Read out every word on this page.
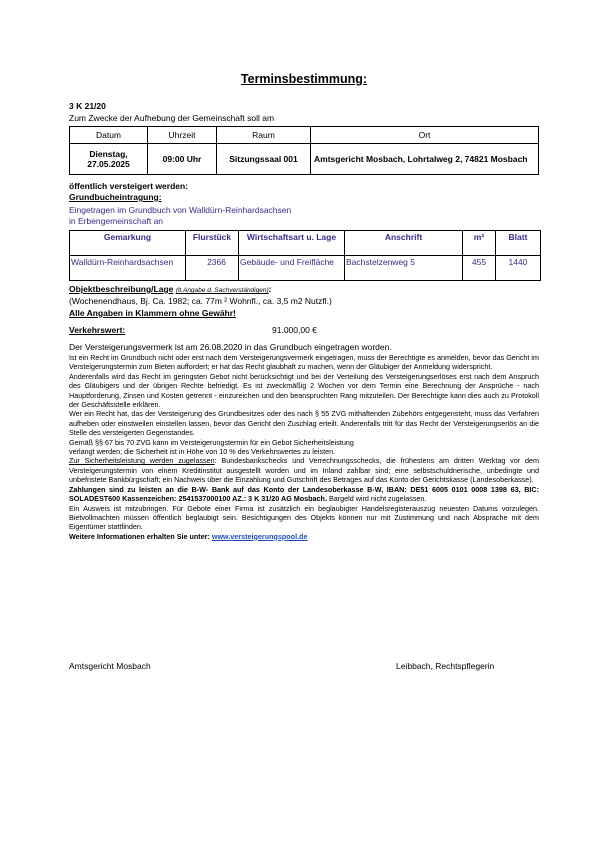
Terminsbestimmung:
3 K 21/20
Zum Zwecke der Aufhebung der Gemeinschaft soll am
Datum	Uhrzeit	Raum	Ort
Dienstag, 27.05.2025	09:00 Uhr	Sitzungssaal 001	Amtsgericht Mosbach, Lohrtalweg 2, 74821 Mosbach
öffentlich versteigert werden:
Grundbucheintragung:
Eingetragen im Grundbuch von Walldürn-Reinhardsachsen
in Erbengemeinschaft an
Gemarkung	Flurstück	Wirtschaftsart u. Lage	Anschrift	m²	Blatt
Walldürn-Reinhardsachsen	2366	Gebäude- und Freifläche	Bachstelzenweg 5	455	1440
Objektbeschreibung/Lage (lt.Angabe d. Sachverständigen):
(Wochenendhaus, Bj. Ca. 1982; ca. 77m ² Wohnfl., ca. 3,5 m2 Nutzfl.)
Alle Angaben in Klammern ohne Gewähr!
Verkehrswert:	91.000,00 €
Der Versteigerungsvermerk ist am 26.08.2020 in das Grundbuch eingetragen worden.

Ist ein Recht im Grundbuch nicht oder erst nach dem Versteigerungsvermerk eingetragen, muss der Berechtigte es anmelden, bevor das Gericht im Versteigerungstermin zum Bieten auffordert; er hat das Recht glaubhaft zu machen, wenn der Gläubiger der Anmeldung widerspricht.

Anderenfalls wird das Recht im geringsten Gebot nicht berücksichtigt und bei der Verteilung des Versteigerungserlöses erst nach dem Anspruch des Gläubigers und der übrigen Rechte befriedigt. Es ist zweckmäßig 2 Wochen vor dem Termin eine Berechnung der Ansprüche - nach Hauptforderung, Zinsen und Kosten getrennt - einzureichen und den beanspruchten Rang mitzuteilen. Der Berechtigte kann dies auch zu Protokoll der Geschäftsstelle erklären.

Wer ein Recht hat, das der Versteigerung des Grundbesitzes oder des nach § 55 ZVG mithaftenden Zubehörs entgegensteht, muss das Verfahren aufheben oder einstweilen einstellen lassen, bevor das Gericht den Zuschlag erteilt. Anderenfalls tritt für das Recht der Versteigerungserlös an die Stelle des versteigerten Gegenstandes.

Gemäß §§ 67 bis 70 ZVG kann im Versteigerungstermin für ein Gebot Sicherheitsleistung

verlangt werden; die Sicherheit ist in Höhe von 10 % des Verkehrswertes zu leisten.

Zur Sicherheitsleistung werden zugelassen: Bundesbankschecks und Verrechnungsschecks, die frühestens am dritten Werktag vor dem Versteigerungstermin von einem Kreditinstitut ausgestellt worden und im Inland zahlbar sind; eine selbstschuldnerische, unbedingte und unbefristete Bankbürgschaft; ein Nachweis über die Einzahlung und Gutschrift des Betrages auf das Konto der Gerichtskasse (Landesoberkasse).

Zahlungen sind zu leisten an die B-W- Bank auf das Konto der Landesoberkasse B-W, IBAN: DE51 6005 0101 0008 1398 63, BIC: SOLADEST600 Kassenzeichen: 2541537000100 AZ.: 3 K 31/20 AG Mosbach. Bargeld wird nicht zugelassen.

Ein Ausweis ist mitzubringen. Für Gebote einer Firma ist zusätzlich ein beglaubigter Handelsregisterauszug neuesten Datums vorzulegen. Bietvollmachten müssen öffentlich beglaubigt sein. Besichtigungen des Objekts können nur mit Zustimmung und nach Absprache mit dem Eigentümer stattfinden.

Weitere Informationen erhalten Sie unter: www.versteigerungspool.de

Amtsgericht Mosbach	Leibbach, Rechtspflegerin
